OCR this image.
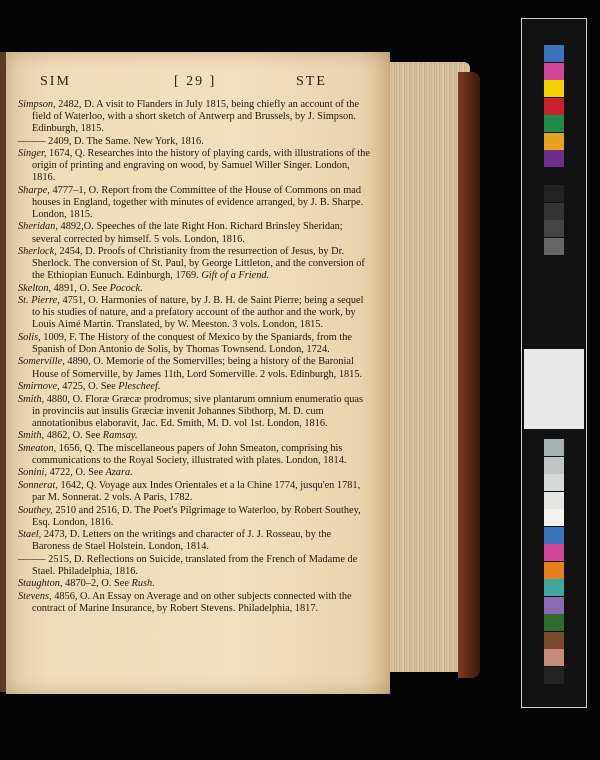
SIM	[ 29 ]	STE
Simpson, 2482, D. A visit to Flanders in July 1815, being chiefly an account of the field of Waterloo, with a short sketch of Antwerp and Brussels, by J. Simpson. Edinburgh, 1815.
——— 2409, D. The Same. New York, 1816.
Singer, 1674, Q. Researches into the history of playing cards, with illustrations of the origin of printing and engraving on wood, by Samuel Willer Singer. London, 1816.
Sharpe, 4777–1, O. Report from the Committee of the House of Commons on mad houses in England, together with minutes of evidence arranged, by J. B. Sharpe. London, 1815.
Sheridan, 4892,O. Speeches of the late Right Hon. Richard Brinsley Sheridan; several corrected by himself. 5 vols. London, 1816.
Sherlock, 2454, D. Proofs of Christianity from the resurrection of Jesus, by Dr. Sherlock. The conversion of St. Paul, by George Littleton, and the conversion of the Ethiopian Eunuch. Edinburgh, 1769. Gift of a Friend.
Skelton, 4891, O. See Pocock.
St. Pierre, 4751, O. Harmonies of nature, by J. B. H. de Saint Pierre; being a sequel to his studies of nature, and a prefatory account of the author and the work, by Louis Aimé Martin. Translated, by W. Meeston. 3 vols. London, 1815.
Solis, 1009, F. The History of the conquest of Mexico by the Spaniards, from the Spanish of Don Antonio de Solis, by Thomas Townsend. London, 1724.
Somerville, 4890, O. Memorie of the Somervilles; being a history of the Baronial House of Somerville, by James 11th, Lord Somerville. 2 vols. Edinburgh, 1815.
Smirnove, 4725, O. See Plescheef.
Smith, 4880, O. Floræ Græcæ prodromus; sive plantarum omnium enumeratio quas in provinciis aut insulis Græciæ invenit Johannes Sibthorp, M. D. cum annotationibus elaboravit, Jac. Ed. Smith, M. D. vol 1st. London, 1816.
Smith, 4862, O. See Ramsay.
Smeaton, 1656, Q. The miscellaneous papers of John Smeaton, comprising his communications to the Royal Society, illustrated with plates. London, 1814.
Sonini, 4722, O. See Azara.
Sonnerat, 1642, Q. Voyage aux Indes Orientales et a la Chine 1774, jusqu'en 1781, par M. Sonnerat. 2 vols. A Paris, 1782.
Southey, 2510 and 2516, D. The Poet's Pilgrimage to Waterloo, by Robert Southey, Esq. London, 1816.
Stael, 2473, D. Letters on the writings and character of J. J. Rosseau, by the Baroness de Stael Holstein. London, 1814.
——— 2515, D. Reflections on Suicide, translated from the French of Madame de Stael. Philadelphia, 1816.
Staughton, 4870–2, O. See Rush.
Stevens, 4856, O. An Essay on Average and on other subjects connected with the contract of Marine Insurance, by Robert Stevens. Philadelphia, 1817.
